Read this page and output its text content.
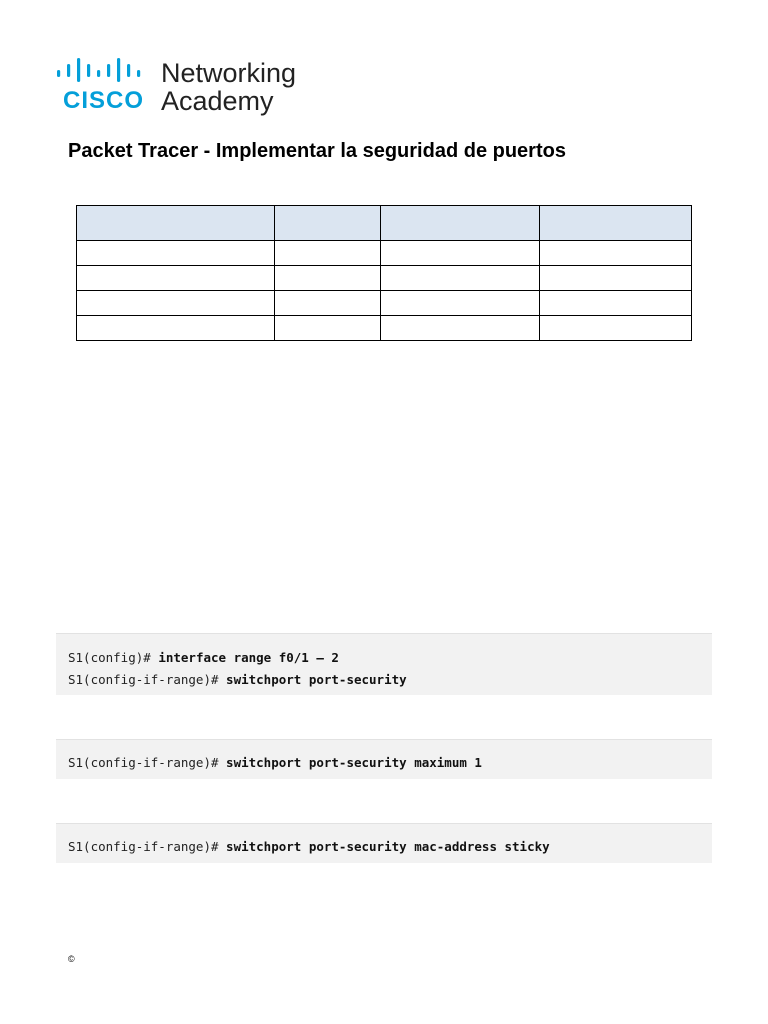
CISCO
Networking
Academy
Packet Tracer - Implementar la seguridad de puertos

S1(config)# interface range f0/1 – 2
S1(config-if-range)# switchport port-security
S1(config-if-range)# switchport port-security maximum 1
S1(config-if-range)# switchport port-security mac-address sticky
©
